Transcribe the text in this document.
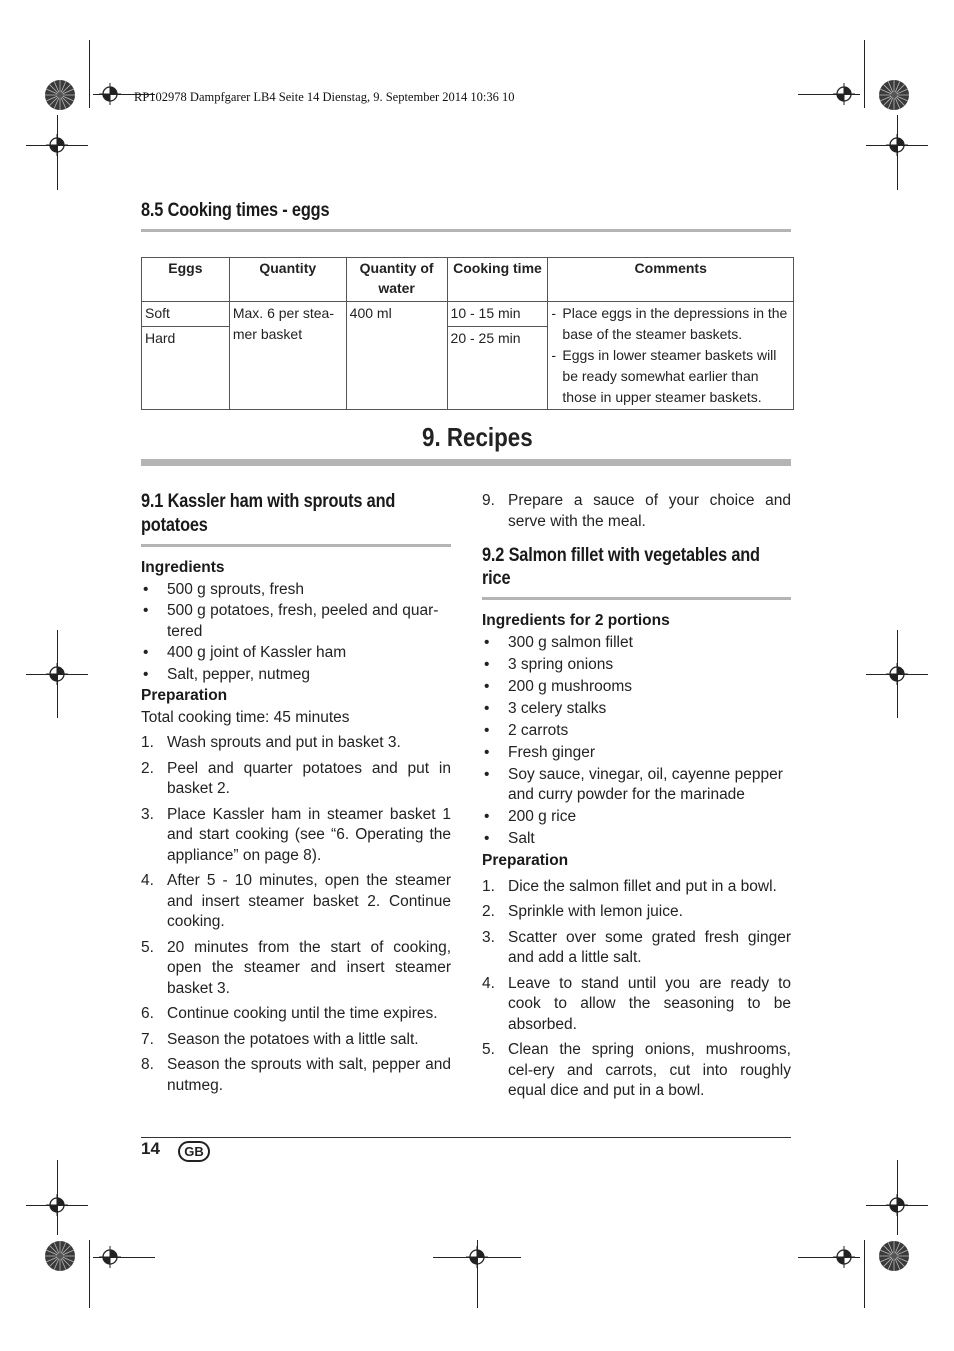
RP102978 Dampfgarer LB4 Seite 14 Dienstag, 9. September 2014 10:36 10
8.5 Cooking times - eggs
Eggs	Quantity	Quantity of water	Cooking time	Comments
Soft	Max. 6 per stea-mer basket	400 ml	10 - 15 min	- Place eggs in the depressions in the base of the steamer baskets.
- Eggs in lower steamer baskets will be ready somewhat earlier than those in upper steamer baskets.

Hard			20 - 25 min	
9. Recipes
9.1 Kassler ham with sprouts and potatoes
Ingredients
• 500 g sprouts, fresh
• 500 g potatoes, fresh, peeled and quar-tered
• 400 g joint of Kassler ham
• Salt, pepper, nutmeg
Preparation
Total cooking time: 45 minutes
1. Wash sprouts and put in basket 3.
2. Peel and quarter potatoes and put in basket 2.
3. Place Kassler ham in steamer basket 1 and start cooking (see “6. Operating the appliance” on page 8).
4. After 5 - 10 minutes, open the steamer and insert steamer basket 2. Continue cooking.
5. 20 minutes from the start of cooking, open the steamer and insert steamer basket 3.
6. Continue cooking until the time expires.
7. Season the potatoes with a little salt.
8. Season the sprouts with salt, pepper and nutmeg.
9. Prepare a sauce of your choice and serve with the meal.
9.2 Salmon fillet with vegetables and rice
Ingredients for 2 portions
• 300 g salmon fillet
• 3 spring onions
• 200 g mushrooms
• 3 celery stalks
• 2 carrots
• Fresh ginger
• Soy sauce, vinegar, oil, cayenne pepper and curry powder for the marinade
• 200 g rice
• Salt
Preparation
1. Dice the salmon fillet and put in a bowl.
2. Sprinkle with lemon juice.
3. Scatter over some grated fresh ginger and add a little salt.
4. Leave to stand until you are ready to cook to allow the seasoning to be absorbed.
5. Clean the spring onions, mushrooms, cel-ery and carrots, cut into roughly equal dice and put in a bowl.
14	GB
